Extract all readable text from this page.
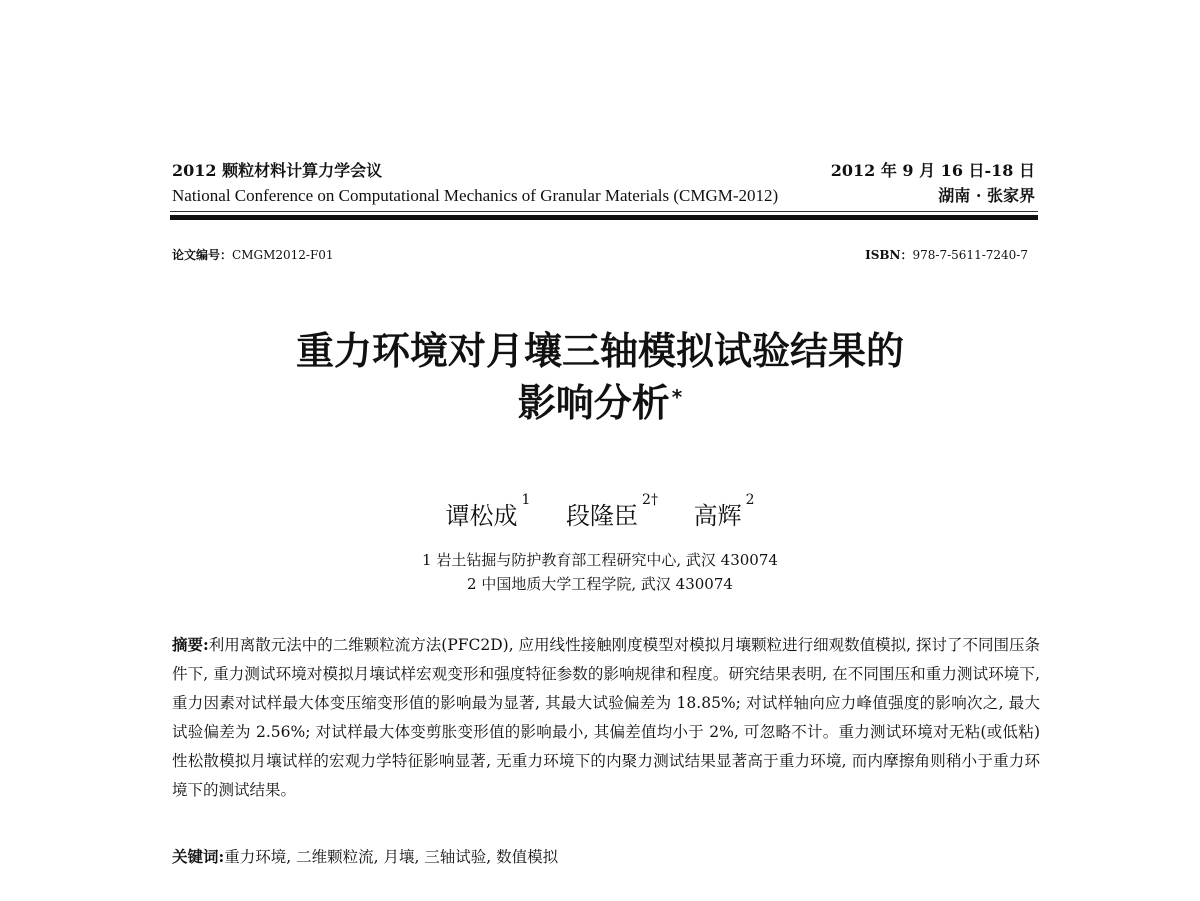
2012 颗粒材料计算力学会议
National Conference on Computational Mechanics of Granular Materials (CMGM-2012)
2012 年 9 月 16 日-18 日
湖南 · 张家界
论文编号：CMGM2012-F01	ISBN：978-7-5611-7240-7
重力环境对月壤三轴模拟试验结果的
影响分析 *
谭松成$^1$ 段隆臣$^{2\dagger}$ 高辉$^2$
1 岩土钻掘与防护教育部工程研究中心, 武汉 430074
2 中国地质大学工程学院, 武汉 430074
摘要:利用离散元法中的二维颗粒流方法(PFC2D), 应用线性接触刚度模型对模拟月壤颗粒进行细观数值模拟, 探讨了不同围压条件下, 重力测试环境对模拟月壤试样宏观变形和强度特征参数的影响规律和程度。研究结果表明, 在不同围压和重力测试环境下, 重力因素对试样最大体变压缩变形值的影响最为显著, 其最大试验偏差为 18.85%; 对试样轴向应力峰值强度的影响次之, 最大试验偏差为 2.56%; 对试样最大体变剪胀变形值的影响最小, 其偏差值均小于 2%, 可忽略不计。重力测试环境对无粘(或低粘)性松散模拟月壤试样的宏观力学特征影响显著, 无重力环境下的内聚力测试结果显著高于重力环境, 而内摩擦角则稍小于重力环境下的测试结果。
关键词:重力环境, 二维颗粒流, 月壤, 三轴试验, 数值模拟
